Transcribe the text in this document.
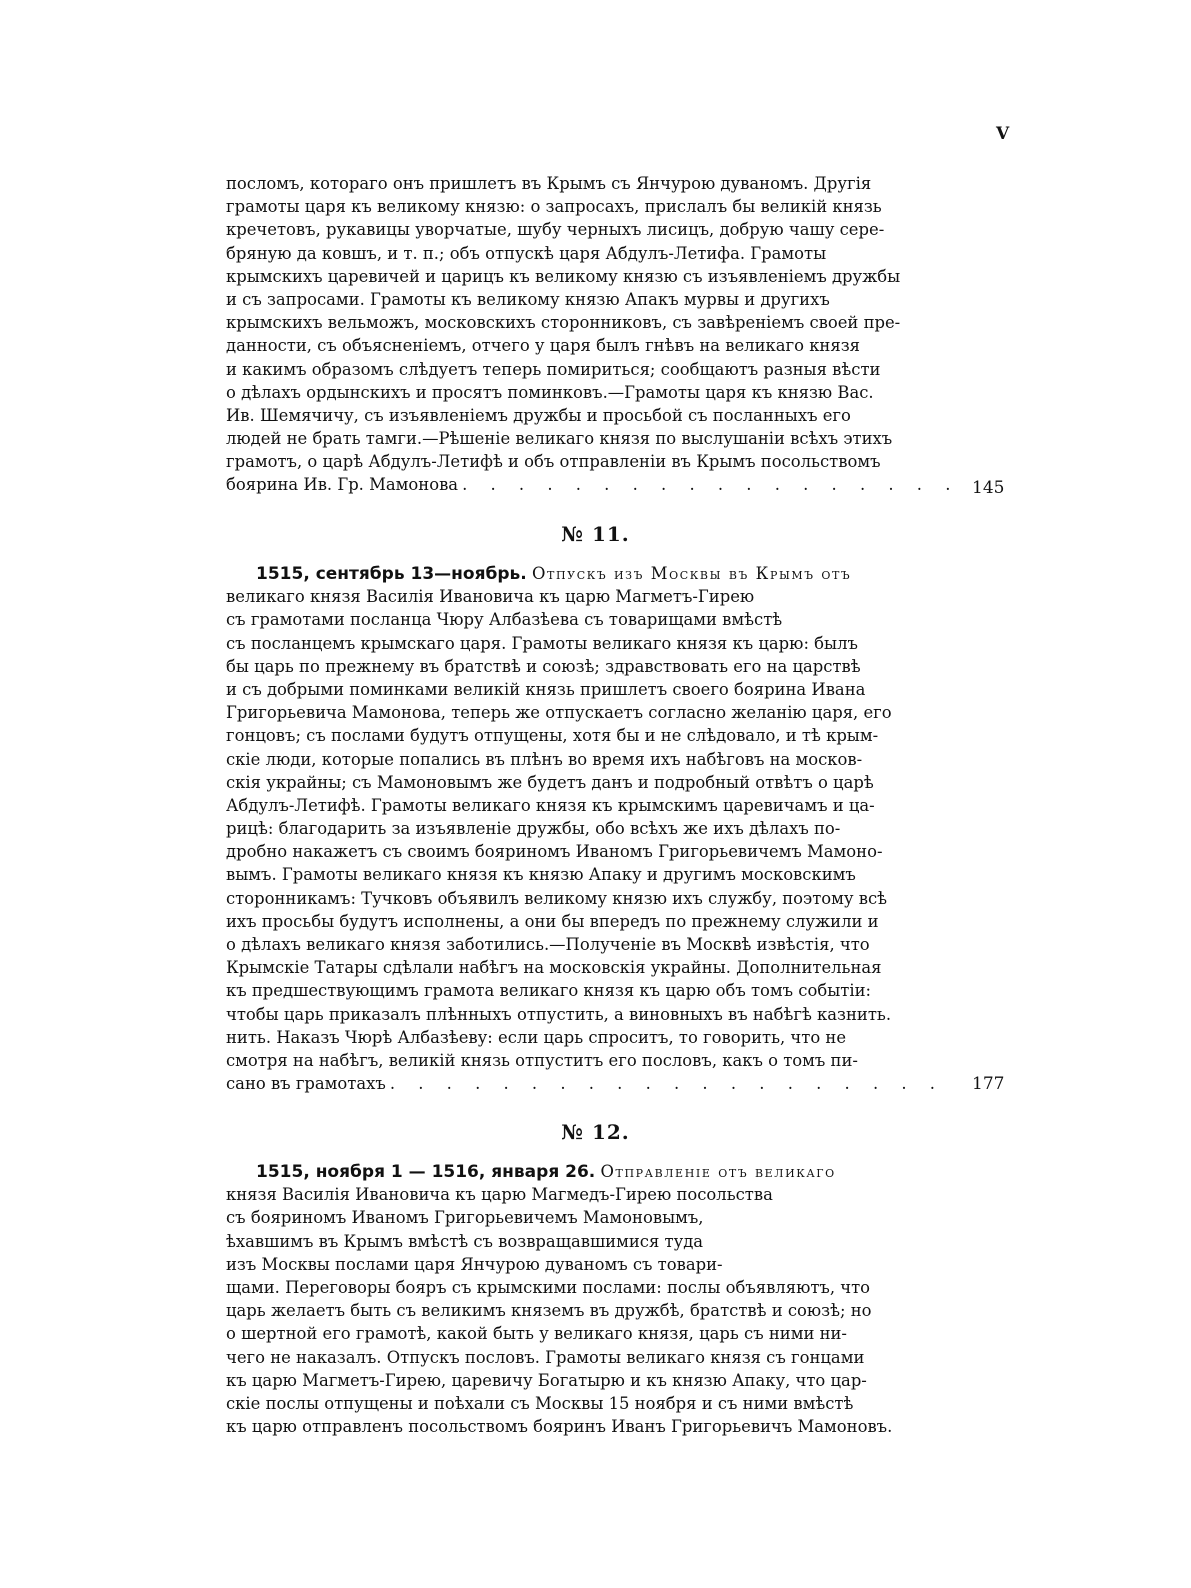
V
посломъ, котораго онъ пришлетъ въ Крымъ съ Янчурою дуваномъ. Другія
грамоты царя къ великому князю: о запросахъ, прислалъ бы великій князь
кречетовъ, рукавицы уворчатые, шубу черныхъ лисицъ, добрую чашу сере-
бряную да ковшъ, и т. п.; объ отпускѣ царя Абдулъ-Летифа. Грамоты
крымскихъ царевичей и царицъ къ великому князю съ изъявленіемъ дружбы
и съ запросами. Грамоты къ великому князю Апакъ мурвы и другихъ
крымскихъ вельможъ, московскихъ сторонниковъ, съ завѣреніемъ своей пре-
данности, съ объясненіемъ, отчего у царя былъ гнѣвъ на великаго князя
и какимъ образомъ слѣдуетъ теперь помириться; сообщаютъ разныя вѣсти
о дѣлахъ ордынскихъ и просятъ поминковъ.—Грамоты царя къ князю Вас.
Ив. Шемячичу, съ изъявленіемъ дружбы и просьбой съ посланныхъ его
людей не брать тамги.—Рѣшеніе великаго князя по выслушаніи всѣхъ этихъ
грамотъ, о царѣ Абдулъ-Летифѣ и объ отправленіи въ Крымъ посольствомъ
боярина Ив. Гр. Мамонова . . .	145
№ 11.
1515, сентябрь 13—ноябрь. Отпускъ изъ Москвы въ Крымъ отъ
великаго князя Василія Ивановича къ царю Магметъ-Гирею
съ грамотами посланца Чюру Албазѣева съ товарищами вмѣстѣ
съ посланцемъ крымскаго царя. Грамоты великаго князя къ царю: былъ
бы царь по прежнему въ братствѣ и союзѣ; здравствовать его на царствѣ
и съ добрыми поминками великій князь пришлетъ своего боярина Ивана
Григорьевича Мамонова, теперь же отпускаетъ согласно желанію царя, его
гонцовъ; съ послами будутъ отпущены, хотя бы и не слѣдовало, и тѣ крым-
скіе люди, которые попались въ плѣнъ во время ихъ набѣговъ на москов-
скія украйны; съ Мамоновымъ же будетъ данъ и подробный отвѣтъ о царѣ
Абдулъ-Летифѣ. Грамоты великаго князя къ крымскимъ царевичамъ и ца-
рицѣ: благодарить за изъявленіе дружбы, обо всѣхъ же ихъ дѣлахъ по-
дробно накажетъ съ своимъ бояриномъ Иваномъ Григорьевичемъ Мамоно-
вымъ. Грамоты великаго князя къ князю Апаку и другимъ московскимъ
сторонникамъ: Тучковъ объявилъ великому князю ихъ службу, поэтому всѣ
ихъ просьбы будутъ исполнены, а они бы впередъ по прежнему служили и
о дѣлахъ великаго князя заботились.—Полученіе въ Москвѣ извѣстія, что
Крымскіе Татары сдѣлали набѣгъ на московскія украйны. Дополнительная
къ предшествующимъ грамота великаго князя къ царю объ томъ событіи:
чтобы царь приказалъ плѣнныхъ отпустить, а виновныхъ въ набѣгѣ казнить.
нить. Наказъ Чюрѣ Албазѣеву: если царь спроситъ, то говорить, что не
смотря на набѣгъ, великій князь отпуститъ его пословъ, какъ о томъ пи-
сано въ грамотахъ . . .	177
№ 12.
1515, ноября 1 — 1516, января 26. Отправленіе отъ великаго
князя Василія Ивановича къ царю Магмедъ-Гирею посольства
съ бояриномъ Иваномъ Григорьевичемъ Мамоновымъ,
ѣхавшимъ въ Крымъ вмѣстѣ съ возвращавшимися туда
изъ Москвы послами царя Янчурою дуваномъ съ товари-
щами. Переговоры бояръ съ крымскими послами: послы объявляютъ, что
царь желаетъ быть съ великимъ княземъ въ дружбѣ, братствѣ и союзѣ; но
о шертной его грамотѣ, какой быть у великаго князя, царь съ ними ни-
чего не наказалъ. Отпускъ пословъ. Грамоты великаго князя съ гонцами
къ царю Магметъ-Гирею, царевичу Богатырю и къ князю Апаку, что цар-
скіе послы отпущены и поѣхали съ Москвы 15 ноября и съ ними вмѣстѣ
къ царю отправленъ посольствомъ бояринъ Иванъ Григорьевичъ Мамоновъ.
